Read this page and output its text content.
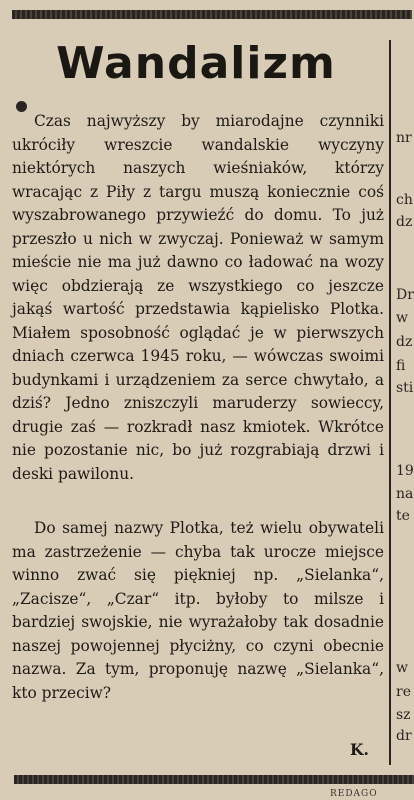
Wandalizm

Czas najwyższy by miarodajne czynniki ukróciły wreszcie wandalskie wyczyny niektórych naszych wieśniaków, którzy wracając z Piły z targu muszą koniecznie coś wyszabrowanego przywieźć do domu. To już przeszło u nich w zwyczaj. Ponieważ w samym mieście nie ma już dawno co ładować na wozy więc obdzierają ze wszystkiego co jeszcze jakąś wartość przedstawia kąpielisko Plotka. Miałem sposobność oglądać je w pierwszych dniach czerwca 1945 roku, — wówczas swoimi budynkami i urządzeniem za serce chwytało, a dziś? Jedno zniszczyli maruderzy sowieccy, drugie zaś — rozkradł nasz kmiotek. Wkrótce nie pozostanie nic, bo już rozgrabiają drzwi i deski pawilonu.

Do samej nazwy Plotka, też wielu obywateli ma zastrzeżenie — chyba tak urocze miejsce winno zwać się piękniej np. „Sielanka“, „Zacisze“, „Czar“ itp. byłoby to milsze i bardziej swojskie, nie wyrażałoby tak dosadnie naszej powojennej płyciżny, co czyni obecnie nazwa. Za tym, proponuję nazwę „Sielanka“, kto przeciw?

K.

nr
ch
dz
Dr
w
dz
fi
sti
19
na
te
w
re
sz
dr
REDAGO
